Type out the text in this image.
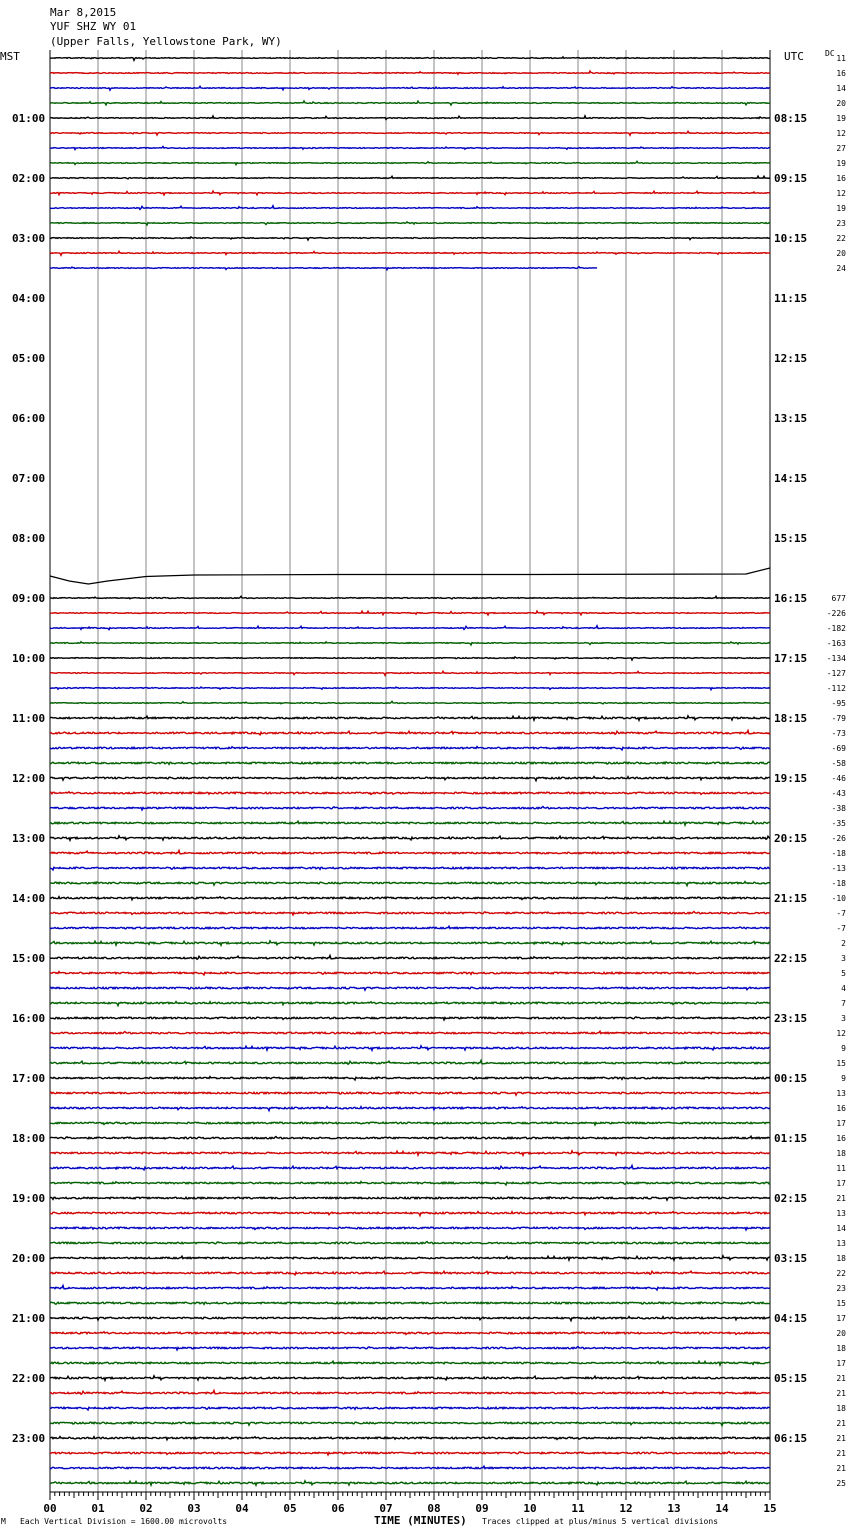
00	01	02	03	04	05	06	07	08	09	10	11	12	13	14	15
11
16
14
20
19
01:00	08:15
12
27
19
16
02:00	09:15
12
19
23
22
03:00	10:15
20
24
04:00	11:15
05:00	12:15
06:00	13:15
07:00	14:15
08:00	15:15
677
09:00	16:15
-226
-182
-163
-134
10:00	17:15
-127
-112
-95
-79
11:00	18:15
-73
-69
-58
-46
12:00	19:15
-43
-38
-35
-26
13:00	20:15
-18
-13
-18
-10
14:00	21:15
-7
-7
2
3
15:00	22:15
5
4
7
3
16:00	23:15
12
9
15
9
17:00	00:15
13
16
17
16
18:00	01:15
18
11
17
21
19:00	02:15
13
14
13
18
20:00	03:15
22
23
15
17
21:00	04:15
20
18
17
21
22:00	05:15
21
18
21
21
23:00	06:15
21
21
25
Mar 8,2015
YUF SHZ WY 01
(Upper Falls, Yellowstone Park, WY)
MST	UTC	DC
M Each Vertical Division = 1600.00 microvolts	TIME (MINUTES) Traces clipped at plus/minus 5 vertical divisions
